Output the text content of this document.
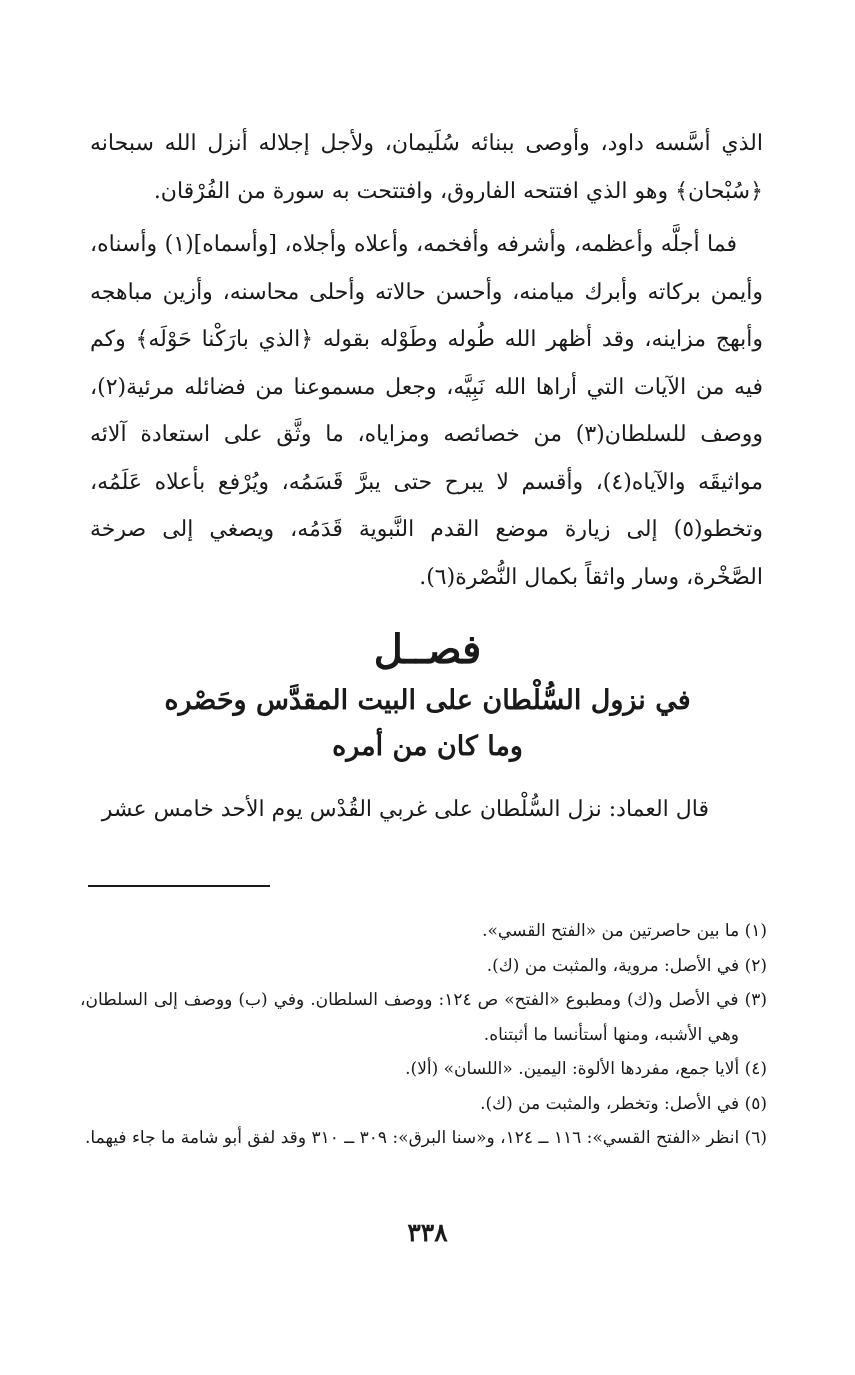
الذي أسَّسه داود، وأوصى ببنائه سُلَيمان، ولأجل إجلاله أنزل الله سبحانه ﴿سُبْحان﴾ وهو الذي افتتحه الفاروق، وافتتحت به سورة من الفُرْقان.

فما أجلَّه وأعظمه، وأشرفه وأفخمه، وأعلاه وأجلاه، [وأسماه](١) وأسناه، وأيمن بركاته وأبرك ميامنه، وأحسن حالاته وأحلى محاسنه، وأزين مباهجه وأبهج مزاينه، وقد أظهر الله طُوله وطَوْله بقوله ﴿الذي بارَكْنا حَوْلَه﴾ وكم فيه من الآيات التي أراها الله نَبِيَّه، وجعل مسموعنا من فضائله مرئية(٢)، ووصف للسلطان(٣) من خصائصه ومزاياه، ما وثَّق على استعادة آلائه مواثيقَه والآياه(٤)، وأقسم لا يبرح حتى يبرَّ قَسَمُه، ويُرْفع بأعلاه عَلَمُه، وتخطو(٥) إلى زيارة موضع القدم النَّبوية قَدَمُه، ويصغي إلى صرخة الصَّخْرة، وسار واثقاً بكمال النُّصْرة(٦).

فصــل
في نزول السُّلْطان على البيت المقدَّس وحَصْره
وما كان من أمره
قال العماد: نزل السُّلْطان على غربي القُدْس يوم الأحد خامس عشر

(١) ما بين حاصرتين من «الفتح القسي».

(٢) في الأصل: مروية، والمثبت من (ك).

(٣) في الأصل و(ك) ومطبوع «الفتح» ص ١٢٤: ووصف السلطان. وفي (ب) ووصف إلى السلطان، وهي الأشبه، ومنها أستأنسا ما أثبتناه.

(٤) ألايا جمع، مفردها الألوة: اليمين. «اللسان» (ألا).

(٥) في الأصل: وتخطر، والمثبت من (ك).

(٦) انظر «الفتح القسي»: ١١٦ ــ ١٢٤، و«سنا البرق»: ٣٠٩ ــ ٣١٠ وقد لفق أبو شامة ما جاء فيهما.

٣٣٨
